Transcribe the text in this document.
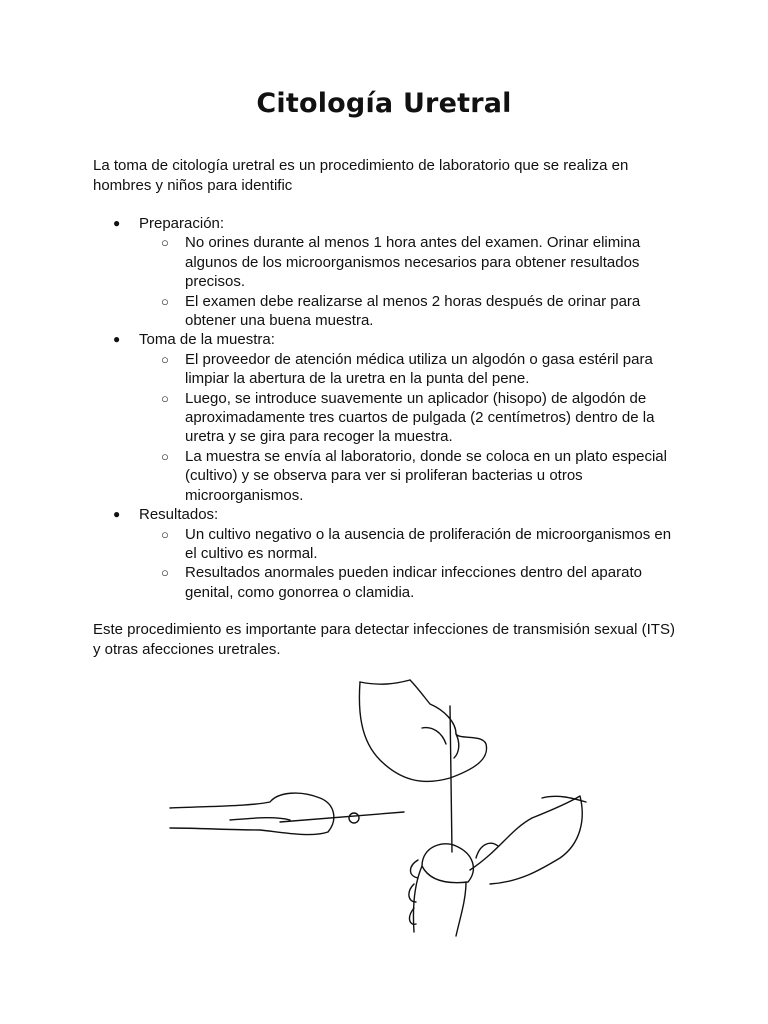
Citología Uretral
La toma de citología uretral es un procedimiento de laboratorio que se realiza en hombres y niños para identific
● Preparación:
○ No orines durante al menos 1 hora antes del examen. Orinar elimina algunos de los microorganismos necesarios para obtener resultados precisos.
○ El examen debe realizarse al menos 2 horas después de orinar para obtener una buena muestra.
● Toma de la muestra:
○ El proveedor de atención médica utiliza un algodón o gasa estéril para limpiar la abertura de la uretra en la punta del pene.
○ Luego, se introduce suavemente un aplicador (hisopo) de algodón de aproximadamente tres cuartos de pulgada (2 centímetros) dentro de la uretra y se gira para recoger la muestra.
○ La muestra se envía al laboratorio, donde se coloca en un plato especial (cultivo) y se observa para ver si proliferan bacterias u otros microorganismos.
● Resultados:
○ Un cultivo negativo o la ausencia de proliferación de microorganismos en el cultivo es normal.
○ Resultados anormales pueden indicar infecciones dentro del aparato genital, como gonorrea o clamidia.
Este procedimiento es importante para detectar infecciones de transmisión sexual (ITS) y otras afecciones uretrales.
